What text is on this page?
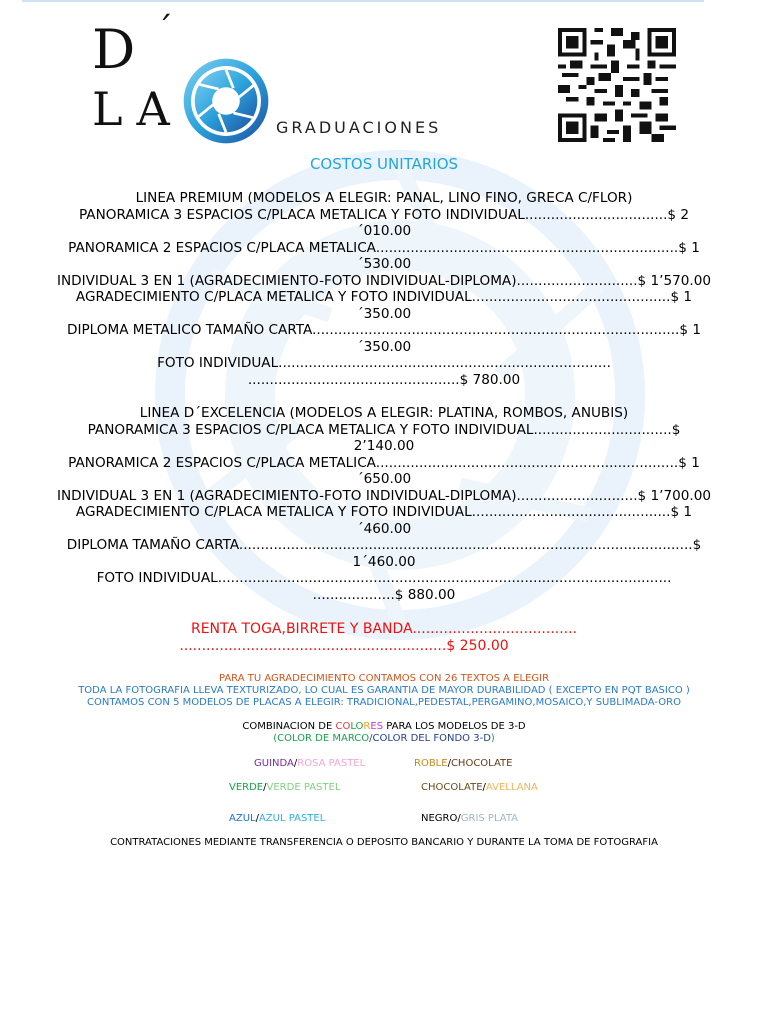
D ´
LA	GRADUACIONES
COSTOS UNITARIOS
LINEA PREMIUM (MODELOS A ELEGIR: PANAL, LINO FINO, GRECA C/FLOR)
PANORAMICA 3 ESPACIOS C/PLACA METALICA Y FOTO INDIVIDUAL.................................$ 2
´010.00
PANORAMICA 2 ESPACIOS C/PLACA METALICA......................................................................$ 1
´530.00
INDIVIDUAL 3 EN 1 (AGRADECIMIENTO-FOTO INDIVIDUAL-DIPLOMA)............................$ 1’570.00
AGRADECIMIENTO C/PLACA METALICA Y FOTO INDIVIDUAL..............................................$ 1
´350.00
DIPLOMA METALICO TAMAÑO CARTA.....................................................................................$ 1
´350.00
FOTO INDIVIDUAL.............................................................................
.................................................$ 780.00
LINEA D´EXCELENCIA (MODELOS A ELEGIR: PLATINA, ROMBOS, ANUBIS)
PANORAMICA 3 ESPACIOS C/PLACA METALICA Y FOTO INDIVIDUAL................................$
2’140.00
PANORAMICA 2 ESPACIOS C/PLACA METALICA......................................................................$ 1
´650.00
INDIVIDUAL 3 EN 1 (AGRADECIMIENTO-FOTO INDIVIDUAL-DIPLOMA)............................$ 1’700.00
AGRADECIMIENTO C/PLACA METALICA Y FOTO INDIVIDUAL..............................................$ 1
´460.00
DIPLOMA TAMAÑO CARTA.........................................................................................................$
1´460.00
FOTO INDIVIDUAL.........................................................................................................
...................$ 880.00
RENTA TOGA,BIRRETE Y BANDA.....................................
............................................................$ 250.00
PARA TU AGRADECIMIENTO CONTAMOS CON 26 TEXTOS A ELEGIR
TODA LA FOTOGRAFIA LLEVA TEXTURIZADO, LO CUAL ES GARANTIA DE MAYOR DURABILIDAD ( EXCEPTO EN PQT BASICO )
CONTAMOS CON 5 MODELOS DE PLACAS A ELEGIR: TRADICIONAL,PEDESTAL,PERGAMINO,MOSAICO,Y SUBLIMADA-ORO
COMBINACION DE COLORES PARA LOS MODELOS DE 3-D
(COLOR DE MARCO/COLOR DEL FONDO 3-D)
GUINDA/ROSA PASTEL	ROBLE/CHOCOLATE
VERDE/VERDE PASTEL	CHOCOLATE/AVELLANA
AZUL/AZUL PASTEL	NEGRO/GRIS PLATA
CONTRATACIONES MEDIANTE TRANSFERENCIA O DEPOSITO BANCARIO Y DURANTE LA TOMA DE FOTOGRAFIA
